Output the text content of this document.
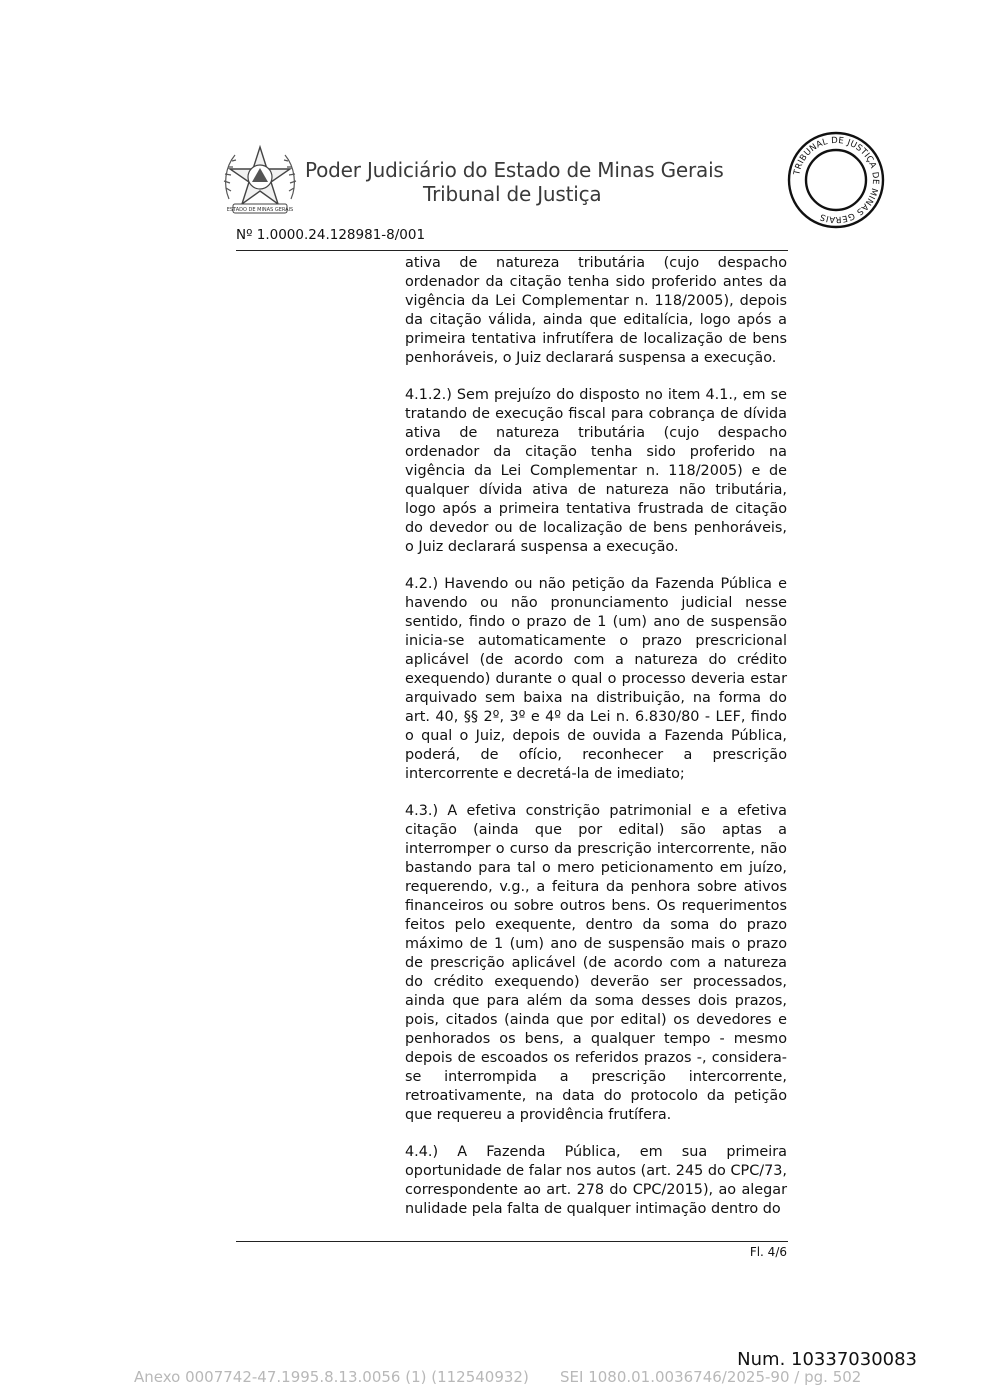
ESTADO DE MINAS GERAIS
Poder Judiciário do Estado de Minas Gerais
Tribunal de Justiça
TRIBUNAL DE JUSTIÇA DE MINAS GERAIS
Nº 1.0000.24.128981-8/001

ativa de natureza tributária (cujo despacho ordenador da citação tenha sido proferido antes da vigência da Lei Complementar n. 118/2005), depois da citação válida, ainda que editalícia, logo após a primeira tentativa infrutífera de localização de bens penhoráveis, o Juiz declarará suspensa a execução.

4.1.2.) Sem prejuízo do disposto no item 4.1., em se tratando de execução fiscal para cobrança de dívida ativa de natureza tributária (cujo despacho ordenador da citação tenha sido proferido na vigência da Lei Complementar n. 118/2005) e de qualquer dívida ativa de natureza não tributária, logo após a primeira tentativa frustrada de citação do devedor ou de localização de bens penhoráveis, o Juiz declarará suspensa a execução.

4.2.) Havendo ou não petição da Fazenda Pública e havendo ou não pronunciamento judicial nesse sentido, findo o prazo de 1 (um) ano de suspensão inicia-se automaticamente o prazo prescricional aplicável (de acordo com a natureza do crédito exequendo) durante o qual o processo deveria estar arquivado sem baixa na distribuição, na forma do art. 40, §§ 2º, 3º e 4º da Lei n. 6.830/80 - LEF, findo o qual o Juiz, depois de ouvida a Fazenda Pública, poderá, de ofício, reconhecer a prescrição intercorrente e decretá-la de imediato;

4.3.) A efetiva constrição patrimonial e a efetiva citação (ainda que por edital) são aptas a interromper o curso da prescrição intercorrente, não bastando para tal o mero peticionamento em juízo, requerendo, v.g., a feitura da penhora sobre ativos financeiros ou sobre outros bens. Os requerimentos feitos pelo exequente, dentro da soma do prazo máximo de 1 (um) ano de suspensão mais o prazo de prescrição aplicável (de acordo com a natureza do crédito exequendo) deverão ser processados, ainda que para além da soma desses dois prazos, pois, citados (ainda que por edital) os devedores e penhorados os bens, a qualquer tempo - mesmo depois de escoados os referidos prazos -, considera-se interrompida a prescrição intercorrente, retroativamente, na data do protocolo da petição que requereu a providência frutífera.

4.4.) A Fazenda Pública, em sua primeira oportunidade de falar nos autos (art. 245 do CPC/73, correspondente ao art. 278 do CPC/2015), ao alegar nulidade pela falta de qualquer intimação dentro do

Fl. 4/6
Num. 10337030083
Anexo 0007742-47.1995.8.13.0056 (1) (112540932) SEI 1080.01.0036746/2025-90 / pg. 502
